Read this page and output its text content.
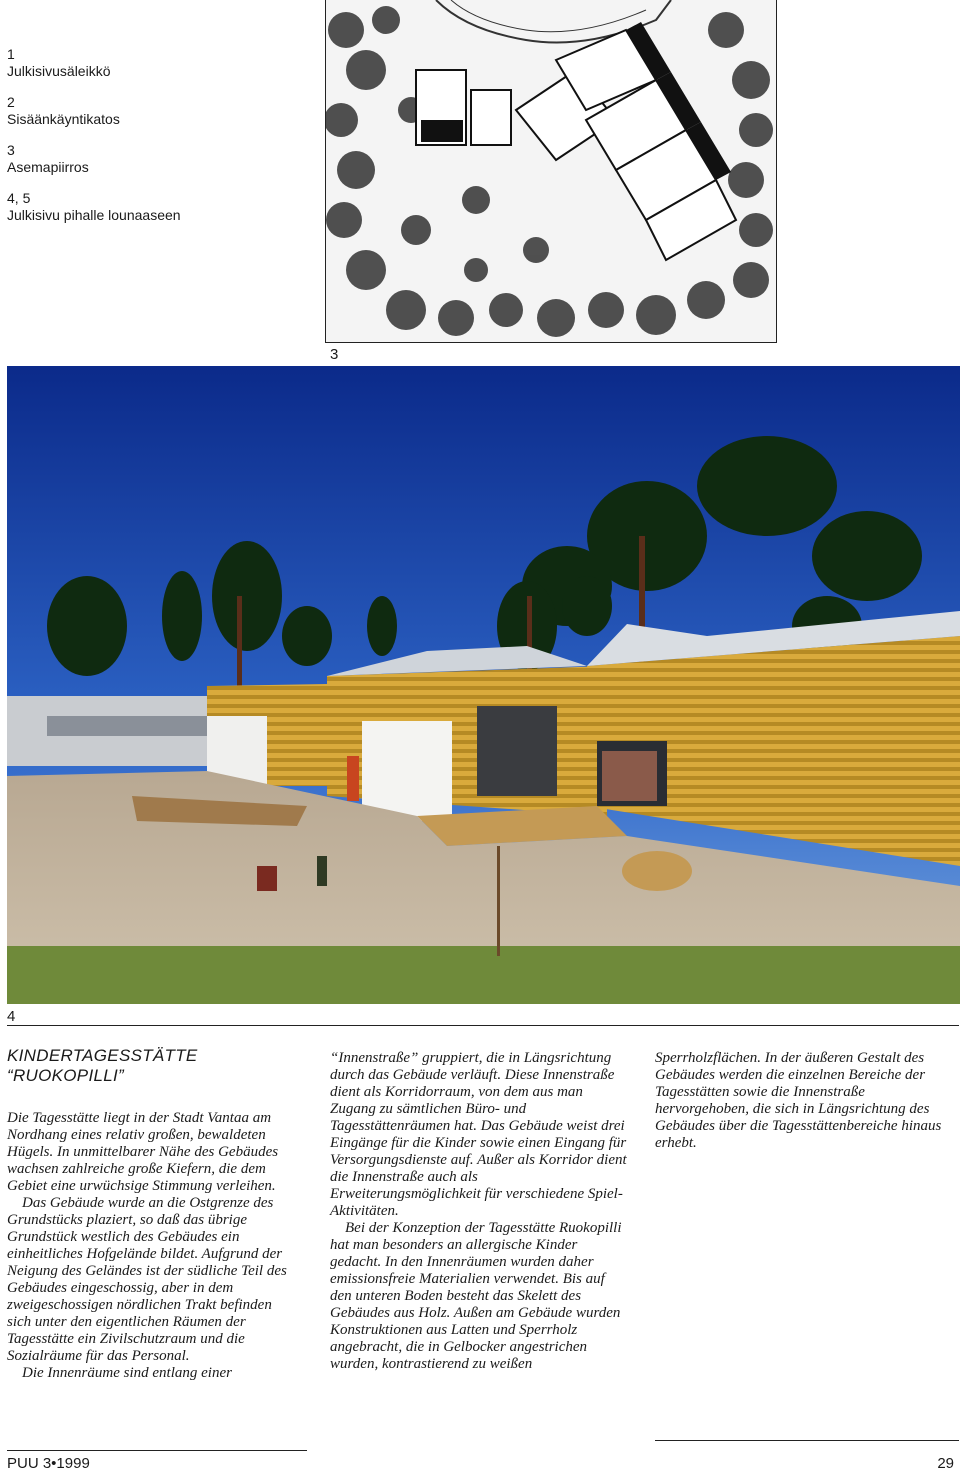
1
Julkisivusäleikkö
2
Sisäänkäyntikatos
3
Asemapiirros
4, 5
Julkisivu pihalle lounaaseen
3
4
KINDERTAGESSTÄTTE
“RUOKOPILLI”

Die Tagesstätte liegt in der Stadt Vantaa am Nordhang eines relativ großen, bewaldeten Hügels. In unmittelbarer Nähe des Gebäudes wachsen zahlreiche große Kiefern, die dem Gebiet eine urwüchsige Stimmung verleihen.

Das Gebäude wurde an die Ostgrenze des Grundstücks plaziert, so daß das übrige Grundstück westlich des Gebäudes ein einheitliches Hofgelände bildet. Aufgrund der Neigung des Geländes ist der südliche Teil des Gebäudes eingeschossig, aber in dem zweigeschossigen nördlichen Trakt befinden sich unter den eigentlichen Räumen der Tagesstätte ein Zivilschutzraum und die Sozialräume für das Personal.

Die Innenräume sind entlang einer

“Innenstraße” gruppiert, die in Längsrichtung durch das Gebäude verläuft. Diese Innenstraße dient als Korridorraum, von dem aus man Zugang zu sämtlichen Büro- und Tagesstättenräumen hat. Das Gebäude weist drei Eingänge für die Kinder sowie einen Eingang für Versorgungsdienste auf. Außer als Korridor dient die Innenstraße auch als Erweiterungsmöglichkeit für verschiedene Spiel-Aktivitäten.

Bei der Konzeption der Tagesstätte Ruokopilli hat man besonders an allergische Kinder gedacht. In den Innenräumen wurden daher emissionsfreie Materialien verwendet. Bis auf den unteren Boden besteht das Skelett des Gebäudes aus Holz. Außen am Gebäude wurden Konstruktionen aus Latten und Sperrholz angebracht, die in Gelbocker angestrichen wurden, kontrastierend zu weißen

Sperrholzflächen. In der äußeren Gestalt des Gebäudes werden die einzelnen Bereiche der Tagesstätten sowie die Innenstraße hervorgehoben, die sich in Längsrichtung des Gebäudes über die Tagesstättenbereiche hinaus erhebt.

PUU 3•1999	29
